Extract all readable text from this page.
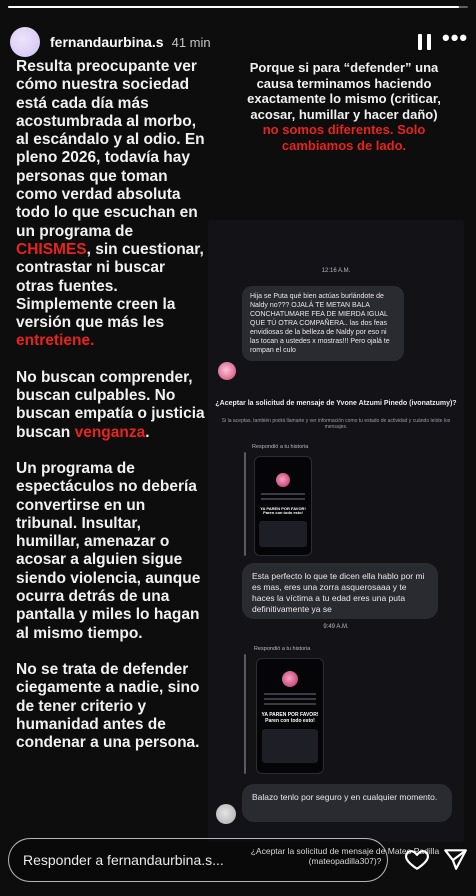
fernandaurbina.s 41 min	•••

Resulta preocupante ver cómo nuestra sociedad está cada día más acostumbrada al morbo, al escándalo y al odio. En pleno 2026, todavía hay personas que toman como verdad absoluta todo lo que escuchan en un programa de CHISMES, sin cuestionar, contrastar ni buscar otras fuentes. Simplemente creen la versión que más les entretiene.

No buscan comprender, buscan culpables. No buscan empatía o justicia buscan venganza.

Un programa de espectáculos no debería convertirse en un tribunal. Insultar, humillar, amenazar o acosar a alguien sigue siendo violencia, aunque ocurra detrás de una pantalla y miles lo hagan al mismo tiempo.

No se trata de defender ciegamente a nadie, sino de tener criterio y humanidad antes de condenar a una persona.

Porque si para “defender” una causa terminamos haciendo exactamente lo mismo (criticar, acosar, humillar y hacer daño)
no somos diferentes. Solo cambiamos de lado.
12:16 A.M.
Hija se Puta qué bien actúas burlándote de Naldy no??? OJALÁ TE METAN BALA CONCHATUMARE FEA DE MIERDA IGUAL QUE TÚ OTRA COMPAÑERA.. las dos feas envidiosas de la belleza de Naldy por eso ni las tocan a ustedes x mostras!!! Pero ojalá te rompan el culo
¿Aceptar la solicitud de mensaje de Yvone Atzumi Pinedo (ivonatzumy)?
Si la aceptas, también podrá llamarte y ver información como tu estado de actividad y cuándo leíste los mensajes.
Respondió a tu historia
YA PAREN POR FAVOR! Paren con todo esto!
Esta perfecto lo que te dicen ella hablo por mi es mas, eres una zorra asquerosaaa y te haces la víctima a tu edad eres una puta definitivamente ya se
9:49 A.M.
Respondió a tu historia
YA PAREN POR FAVOR! Paren con todo esto!
Balazo tenlo por seguro y en cualquier momento.
Responder a fernandaurbina.s...
¿Aceptar la solicitud de mensaje de Mateo Padilla (mateopadilla307)?
